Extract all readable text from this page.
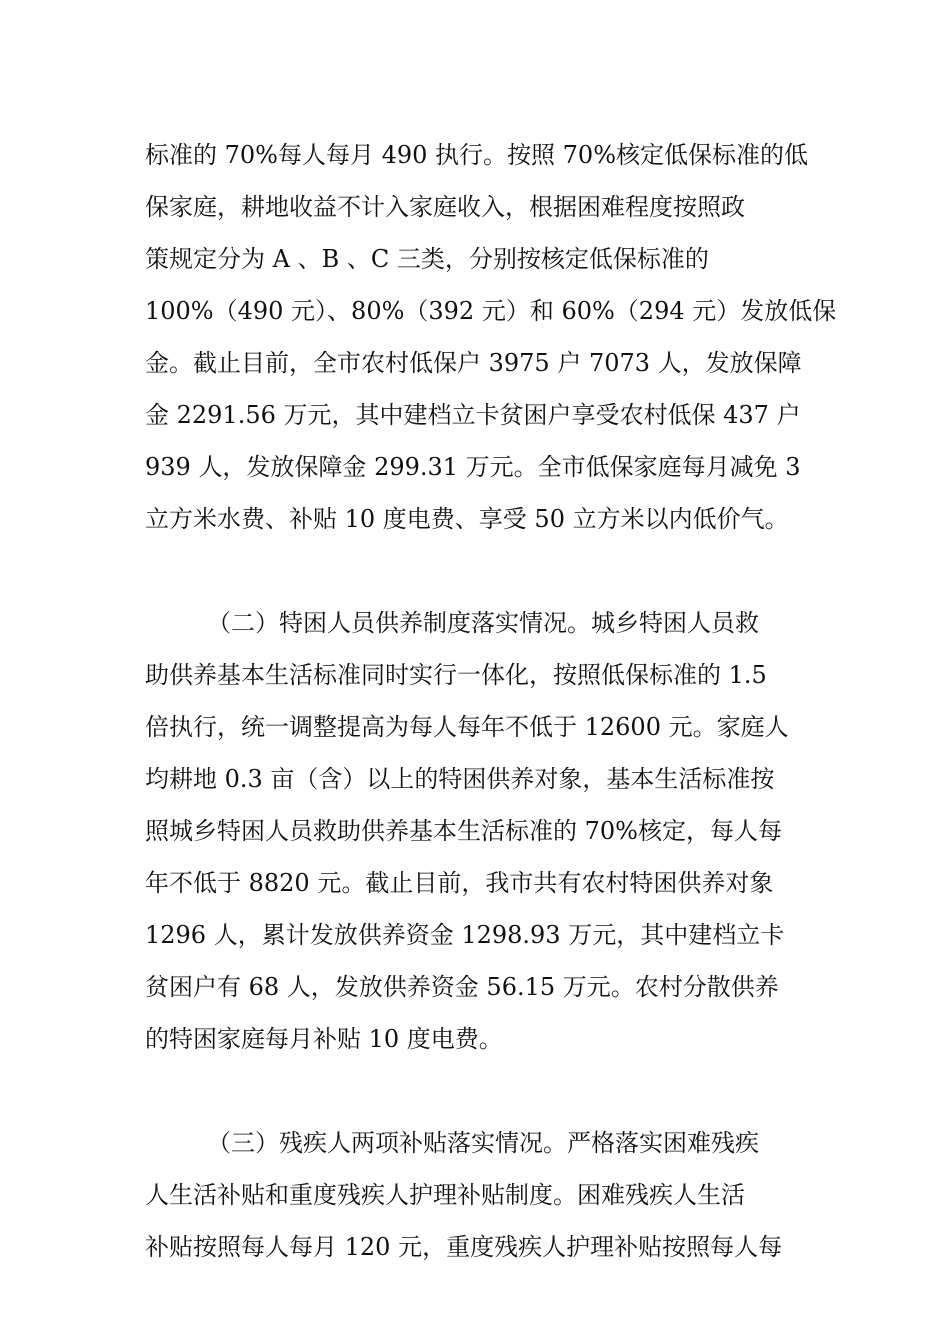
标准的 70%每人每月 490 执行。按照 70%核定低保标准的低
保家庭，耕地收益不计入家庭收入，根据困难程度按照政
策规定分为 A 、B 、C 三类，分别按核定低保标准的
100%（490 元）、80%（392 元）和 60%（294 元）发放低保
金。截止目前，全市农村低保户 3975 户 7073 人，发放保障
金 2291.56 万元，其中建档立卡贫困户享受农村低保 437 户
939 人，发放保障金 299.31 万元。全市低保家庭每月减免 3
立方米水费、补贴 10 度电费、享受 50 立方米以内低价气。
（二）特困人员供养制度落实情况。城乡特困人员救
助供养基本生活标准同时实行一体化，按照低保标准的 1.5
倍执行，统一调整提高为每人每年不低于 12600 元。家庭人
均耕地 0.3 亩（含）以上的特困供养对象，基本生活标准按
照城乡特困人员救助供养基本生活标准的 70%核定，每人每
年不低于 8820 元。截止目前，我市共有农村特困供养对象
1296 人，累计发放供养资金 1298.93 万元，其中建档立卡
贫困户有 68 人，发放供养资金 56.15 万元。农村分散供养
的特困家庭每月补贴 10 度电费。
（三）残疾人两项补贴落实情况。严格落实困难残疾
人生活补贴和重度残疾人护理补贴制度。困难残疾人生活
补贴按照每人每月 120 元，重度残疾人护理补贴按照每人每
